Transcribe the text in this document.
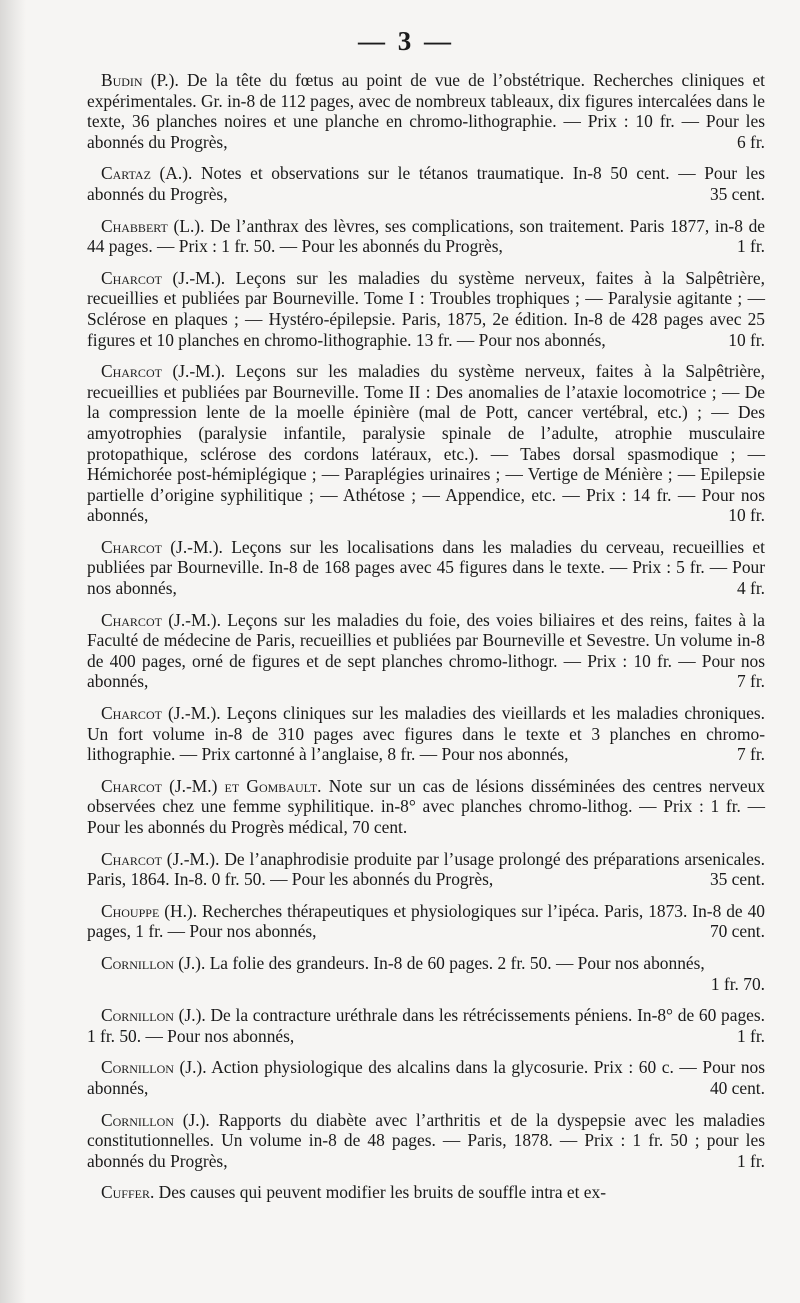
— 3 —

Budin (P.). De la tête du fœtus au point de vue de l’obstétrique. Recherches cliniques et expérimentales. Gr. in-8 de 112 pages, avec de nombreux tableaux, dix figures intercalées dans le texte, 36 planches noires et une planche en chromo-lithographie. — Prix : 10 fr. — Pour les abonnés du Progrès,	6 fr.

Cartaz (A.). Notes et observations sur le tétanos traumatique. In-8 50 cent. — Pour les abonnés du Progrès,	35 cent.

Chabbert (L.). De l’anthrax des lèvres, ses complications, son traitement. Paris 1877, in-8 de 44 pages. — Prix : 1 fr. 50. — Pour les abonnés du Progrès,	1 fr.

Charcot (J.-M.). Leçons sur les maladies du système nerveux, faites à la Salpêtrière, recueillies et publiées par Bourneville. Tome I : Troubles trophiques ; — Paralysie agitante ; — Sclérose en plaques ; — Hystéro-épilepsie. Paris, 1875, 2e édition. In-8 de 428 pages avec 25 figures et 10 planches en chromo-lithographie. 13 fr. — Pour nos abonnés,	10 fr.

Charcot (J.-M.). Leçons sur les maladies du système nerveux, faites à la Salpêtrière, recueillies et publiées par Bourneville. Tome II : Des anomalies de l’ataxie locomotrice ; — De la compression lente de la moelle épinière (mal de Pott, cancer vertébral, etc.) ; — Des amyotrophies (paralysie infantile, paralysie spinale de l’adulte, atrophie musculaire protopathique, sclérose des cordons latéraux, etc.). — Tabes dorsal spasmodique ; — Hémichorée post-hémiplégique ; — Paraplégies urinaires ; — Vertige de Ménière ; — Epilepsie partielle d’origine syphilitique ; — Athétose ; — Appendice, etc. — Prix : 14 fr. — Pour nos abonnés,	10 fr.

Charcot (J.-M.). Leçons sur les localisations dans les maladies du cerveau, recueillies et publiées par Bourneville. In-8 de 168 pages avec 45 figures dans le texte. — Prix : 5 fr. — Pour nos abonnés,	4 fr.

Charcot (J.-M.). Leçons sur les maladies du foie, des voies biliaires et des reins, faites à la Faculté de médecine de Paris, recueillies et publiées par Bourneville et Sevestre. Un volume in-8 de 400 pages, orné de figures et de sept planches chromo-lithogr. — Prix : 10 fr. — Pour nos abonnés,	7 fr.

Charcot (J.-M.). Leçons cliniques sur les maladies des vieillards et les maladies chroniques. Un fort volume in-8 de 310 pages avec figures dans le texte et 3 planches en chromo-lithographie. — Prix cartonné à l’anglaise, 8 fr. — Pour nos abonnés,	7 fr.

Charcot (J.-M.) et Gombault. Note sur un cas de lésions disséminées des centres nerveux observées chez une femme syphilitique. in-8° avec planches chromo-lithog. — Prix : 1 fr. — Pour les abonnés du Progrès médical, 70 cent.

Charcot (J.-M.). De l’anaphrodisie produite par l’usage prolongé des préparations arsenicales. Paris, 1864. In-8. 0 fr. 50. — Pour les abonnés du Progrès,	35 cent.

Chouppe (H.). Recherches thérapeutiques et physiologiques sur l’ipéca. Paris, 1873. In-8 de 40 pages, 1 fr. — Pour nos abonnés,	70 cent.

Cornillon (J.). La folie des grandeurs. In-8 de 60 pages. 2 fr. 50. — Pour nos abonnés,
1 fr. 70.

Cornillon (J.). De la contracture uréthrale dans les rétrécissements péniens. In-8° de 60 pages. 1 fr. 50. — Pour nos abonnés,	1 fr.

Cornillon (J.). Action physiologique des alcalins dans la glycosurie. Prix : 60 c. — Pour nos abonnés,	40 cent.

Cornillon (J.). Rapports du diabète avec l’arthritis et de la dyspepsie avec les maladies constitutionnelles. Un volume in-8 de 48 pages. — Paris, 1878. — Prix : 1 fr. 50 ; pour les abonnés du Progrès,	1 fr.

Cuffer. Des causes qui peuvent modifier les bruits de souffle intra et ex-
